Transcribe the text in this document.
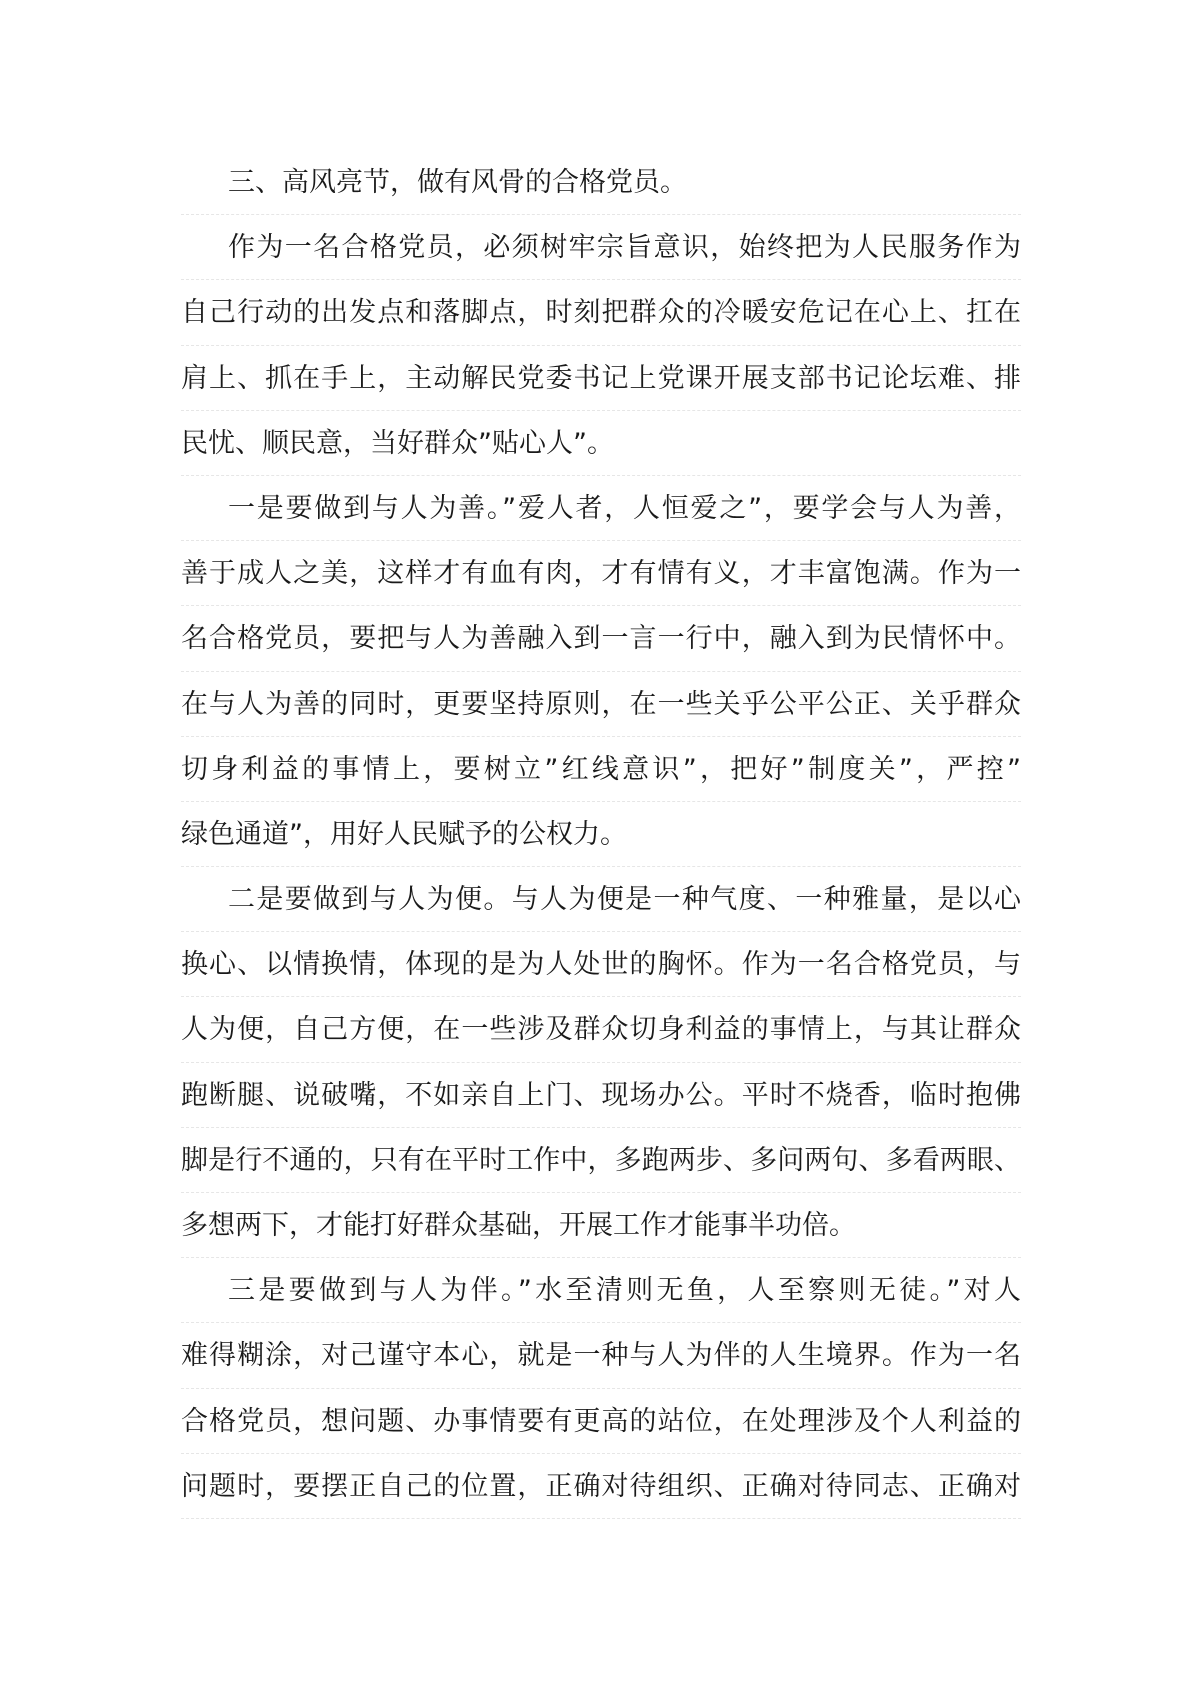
三、高风亮节，做有风骨的合格党员。
作为一名合格党员，必须树牢宗旨意识，始终把为人民服务作为
自己行动的出发点和落脚点，时刻把群众的冷暖安危记在心上、扛在
肩上、抓在手上，主动解民党委书记上党课开展支部书记论坛难、排
民忧、顺民意，当好群众”贴心人”。
一是要做到与人为善。”爱人者，人恒爱之”，要学会与人为善，
善于成人之美，这样才有血有肉，才有情有义，才丰富饱满。作为一
名合格党员，要把与人为善融入到一言一行中，融入到为民情怀中。
在与人为善的同时，更要坚持原则，在一些关乎公平公正、关乎群众
切身利益的事情上，要树立”红线意识”，把好”制度关”，严控”
绿色通道”，用好人民赋予的公权力。
二是要做到与人为便。与人为便是一种气度、一种雅量，是以心
换心、以情换情，体现的是为人处世的胸怀。作为一名合格党员，与
人为便，自己方便，在一些涉及群众切身利益的事情上，与其让群众
跑断腿、说破嘴，不如亲自上门、现场办公。平时不烧香，临时抱佛
脚是行不通的，只有在平时工作中，多跑两步、多问两句、多看两眼、
多想两下，才能打好群众基础，开展工作才能事半功倍。
三是要做到与人为伴。”水至清则无鱼，人至察则无徒。”对人
难得糊涂，对己谨守本心，就是一种与人为伴的人生境界。作为一名
合格党员，想问题、办事情要有更高的站位，在处理涉及个人利益的
问题时，要摆正自己的位置，正确对待组织、正确对待同志、正确对
